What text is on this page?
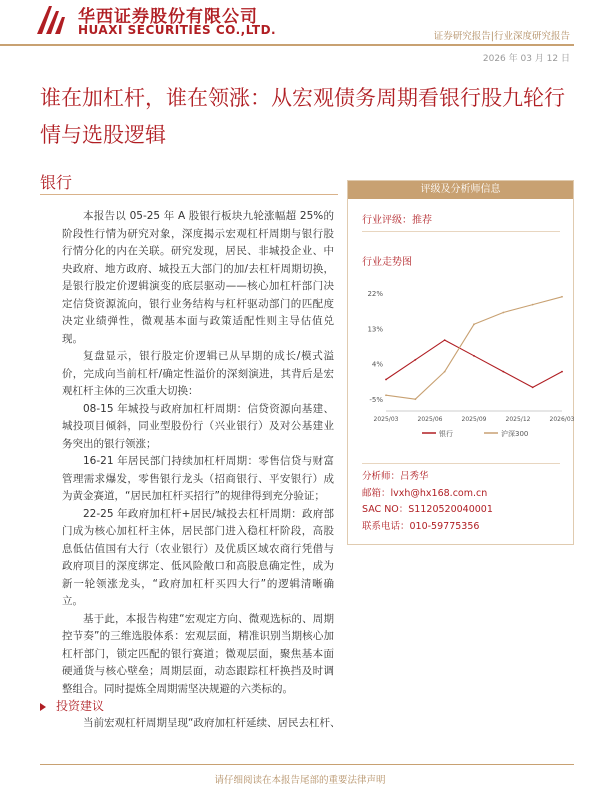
华西证券股份有限公司
HUAXI SECURITIES CO.,LTD.	证券研究报告|行业深度研究报告
2026 年 03 月 12 日
谁在加杠杆，谁在领涨：从宏观债务周期看银行股九轮行情与选股逻辑
银行

本报告以 05-25 年 A 股银行板块九轮涨幅超 25%的阶段性行情为研究对象，深度揭示宏观杠杆周期与银行股行情分化的内在关联。研究发现，居民、非城投企业、中央政府、地方政府、城投五大部门的加/去杠杆周期切换，是银行股定价逻辑演变的底层驱动——核心加杠杆部门决定信贷资源流向，银行业务结构与杠杆驱动部门的匹配度决定业绩弹性，微观基本面与政策适配性则主导估值兑现。

复盘显示，银行股定价逻辑已从早期的成长/模式溢价，完成向当前杠杆/确定性溢价的深刻演进，其背后是宏观杠杆主体的三次重大切换：

08-15 年城投与政府加杠杆周期：信贷资源向基建、城投项目倾斜，同业型股份行（兴业银行）及对公基建业务突出的银行领涨；

16-21 年居民部门持续加杠杆周期：零售信贷与财富管理需求爆发，零售银行龙头（招商银行、平安银行）成为黄金赛道，“居民加杠杆买招行”的规律得到充分验证；

22-25 年政府加杠杆+居民/城投去杠杆周期：政府部门成为核心加杠杆主体，居民部门进入稳杠杆阶段，高股息低估值国有大行（农业银行）及优质区域农商行凭借与政府项目的深度绑定、低风险敞口和高股息确定性，成为新一轮领涨龙头，“政府加杠杆买四大行”的逻辑清晰确立。

基于此，本报告构建“宏观定方向、微观选标的、周期控节奏”的三维选股体系：宏观层面，精准识别当期核心加杠杆部门，锁定匹配的银行赛道；微观层面，聚焦基本面硬通货与核心壁垒；周期层面，动态跟踪杠杆换挡及时调整组合。同时提炼全周期需坚决规避的六类标的。

投资建议
当前宏观杠杆周期呈现“政府加杠杆延续、居民去杠杆、
评级及分析师信息
行业评级：推荐
行业走势图
22%
13%
4%
-5%
2025/03	2025/06	2025/09	2025/12	2026/03
银行	沪深300
分析师：吕秀华
邮箱：lvxh@hx168.com.cn
SAC NO：S1120520040001
联系电话：010-59775356
请仔细阅读在本报告尾部的重要法律声明
